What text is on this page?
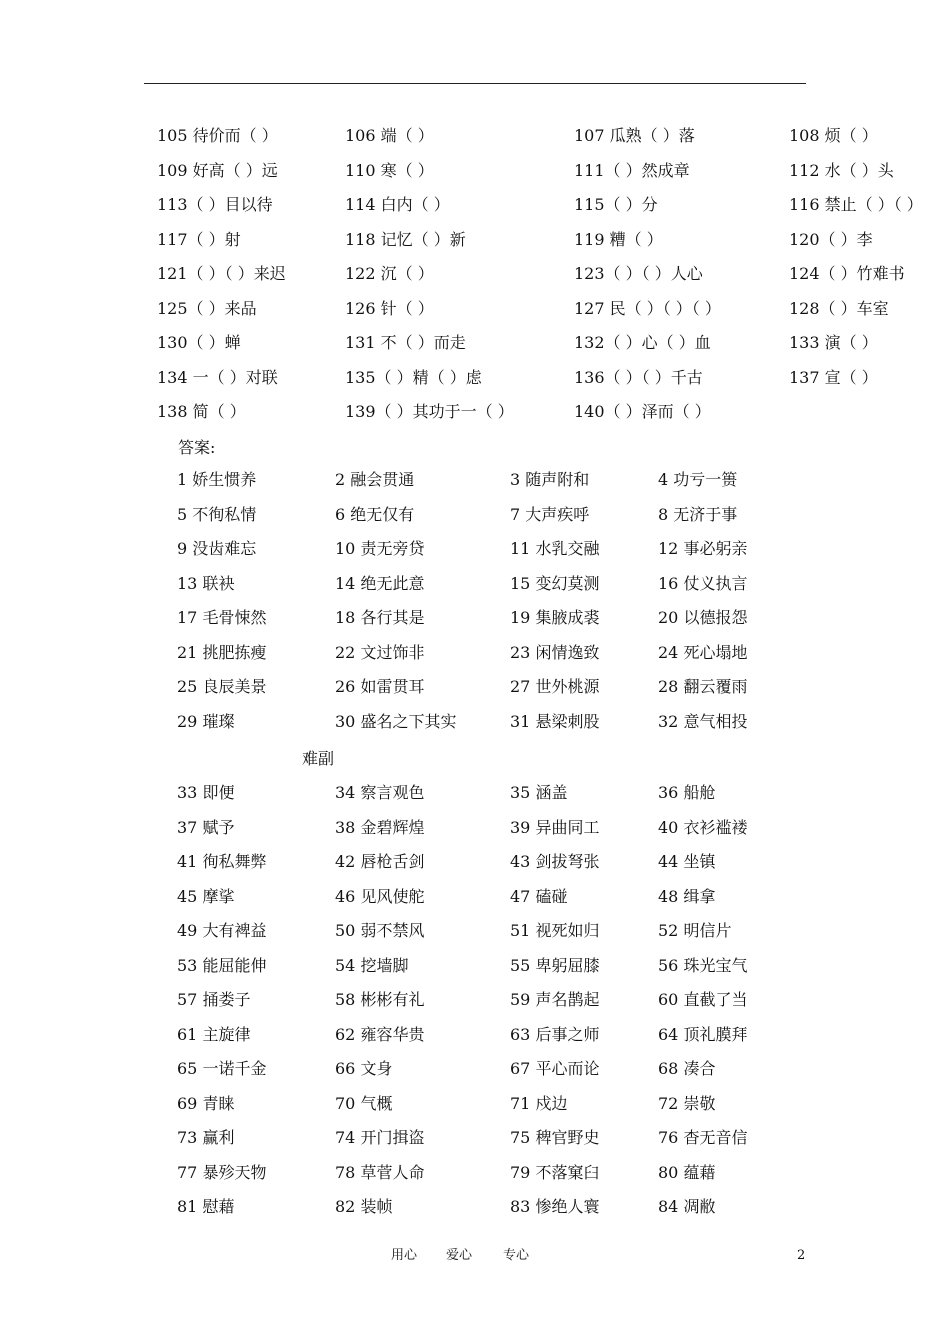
105 待价而（ ）	106 端（ ）	107 瓜熟（ ）落	108 烦（ ）
109 好高（ ）远	110 寒（ ）	111（ ）然成章	112 水（ ）头
113（ ）目以待	114 白内（ ）	115（ ）分	116 禁止（ ）（ ）
117（ ）射	118 记忆（ ）新	119 糟（ ）	120（ ）李
121（ ）（ ）来迟	122 沉（ ）	123（ ）（ ）人心	124（ ）竹难书
125（ ）来品	126 针（ ）	127 民（ ）（ ）（ ）	128（ ）车室
130（ ）蝉	131 不（ ）而走	132（ ）心（ ）血	133 演（ ）
134 一（ ）对联	135（ ）精（ ）虑	136（ ）（ ）千古	137 宣（ ）
138 简（ ）	139（ ）其功于一（ ）	140（ ）泽而（ ）
答案:
1 娇生惯养	2 融会贯通	3 随声附和	4 功亏一篑
5 不徇私情	6 绝无仅有	7 大声疾呼	8 无济于事
9 没齿难忘	10 责无旁贷	11 水乳交融	12 事必躬亲
13 联袂	14 绝无此意	15 变幻莫测	16 仗义执言
17 毛骨悚然	18 各行其是	19 集腋成裘	20 以德报怨
21 挑肥拣瘦	22 文过饰非	23 闲情逸致	24 死心塌地
25 良辰美景	26 如雷贯耳	27 世外桃源	28 翻云覆雨
29 璀璨	30 盛名之下其实	31 悬梁刺股	32 意气相投
难副
33 即便	34 察言观色	35 涵盖	36 船舱
37 赋予	38 金碧辉煌	39 异曲同工	40 衣衫褴褛
41 徇私舞弊	42 唇枪舌剑	43 剑拔弩张	44 坐镇
45 摩挲	46 见风使舵	47 磕碰	48 缉拿
49 大有裨益	50 弱不禁风	51 视死如归	52 明信片
53 能屈能伸	54 挖墙脚	55 卑躬屈膝	56 珠光宝气
57 捅娄子	58 彬彬有礼	59 声名鹊起	60 直截了当
61 主旋律	62 雍容华贵	63 后事之师	64 顶礼膜拜
65 一诺千金	66 文身	67 平心而论	68 凑合
69 青睐	70 气概	71 戍边	72 崇敬
73 赢利	74 开门揖盗	75 稗官野史	76 杳无音信
77 暴殄天物	78 草菅人命	79 不落窠臼	80 蕴藉
81 慰藉	82 装帧	83 惨绝人寰	84 凋敝
用心 爱心 专心	2
